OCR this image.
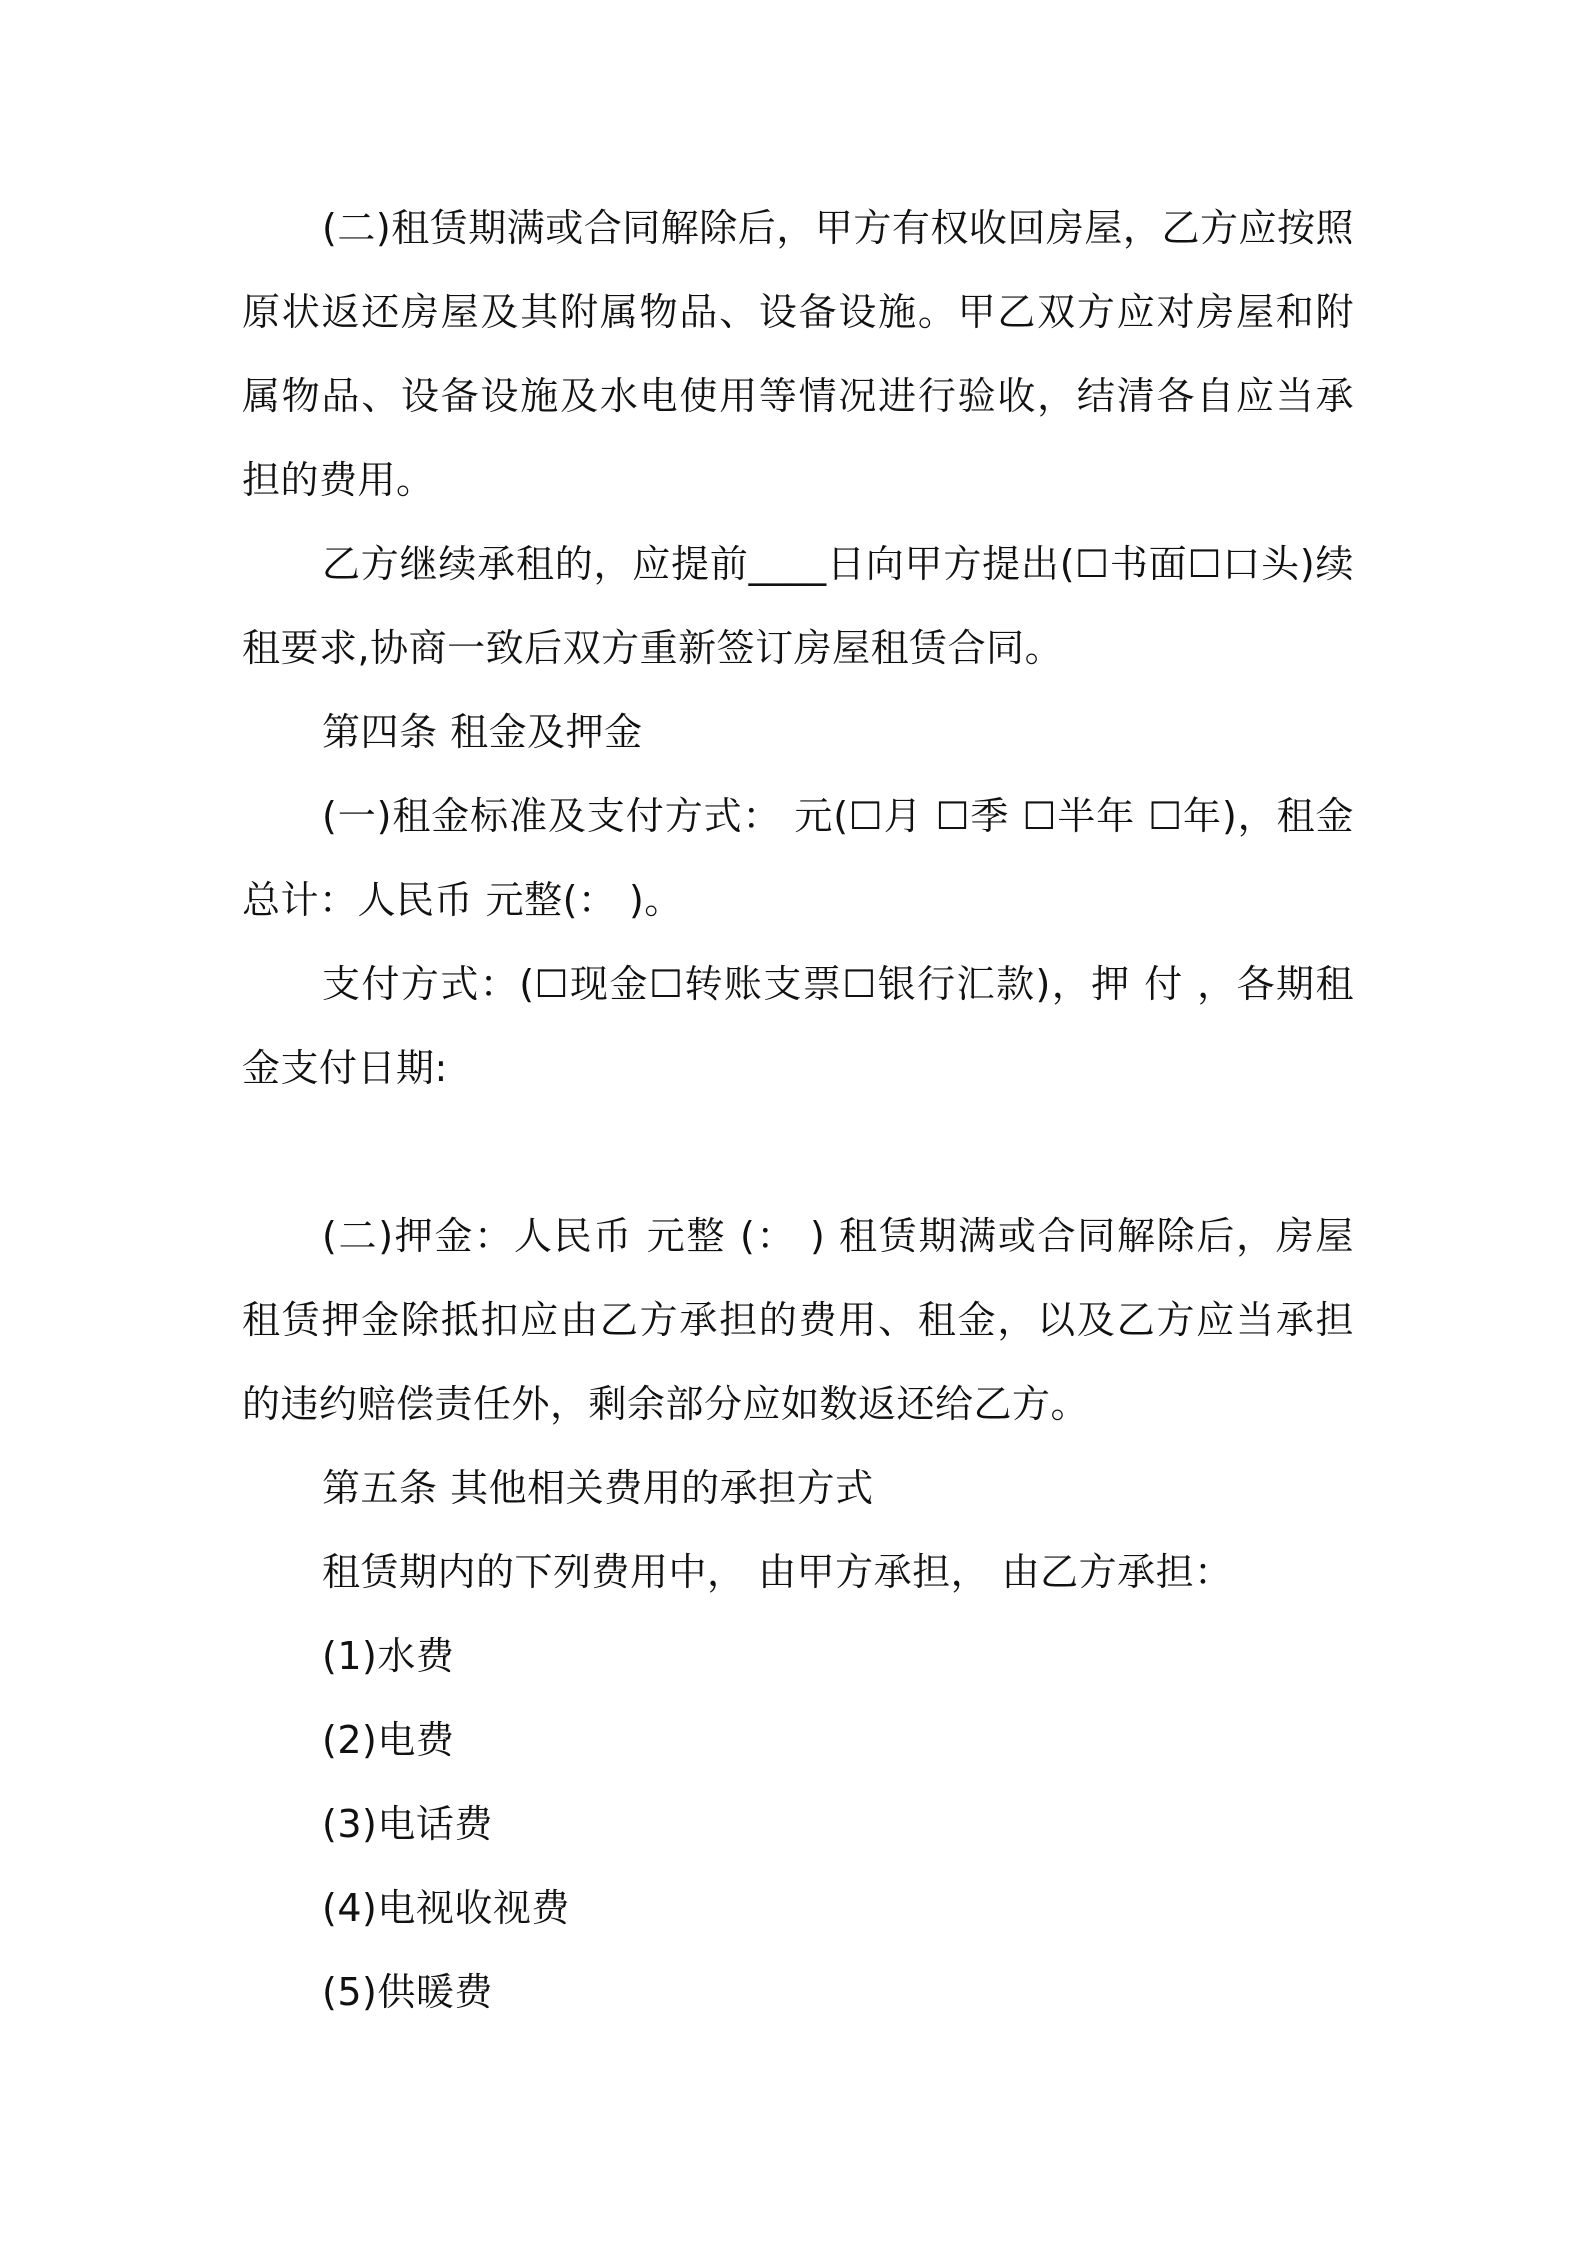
(二)租赁期满或合同解除后，甲方有权收回房屋，乙方应按照原状返还房屋及其附属物品、设备设施。甲乙双方应对房屋和附属物品、设备设施及水电使用等情况进行验收，结清各自应当承担的费用。

乙方继续承租的，应提前____日向甲方提出(☐书面☐口头)续租要求,协商一致后双方重新签订房屋租赁合同。

第四条 租金及押金

(一)租金标准及支付方式： 元(☐月 ☐季 ☐半年 ☐年)，租金总计：人民币 元整(： )。

支付方式：(☐现金☐转账支票☐银行汇款)，押 付 ，各期租金支付日期:

(二)押金：人民币 元整 (： ) 租赁期满或合同解除后，房屋租赁押金除抵扣应由乙方承担的费用、租金，以及乙方应当承担的违约赔偿责任外，剩余部分应如数返还给乙方。

第五条 其他相关费用的承担方式

租赁期内的下列费用中， 由甲方承担， 由乙方承担：

(1)水费

(2)电费

(3)电话费

(4)电视收视费

(5)供暖费
